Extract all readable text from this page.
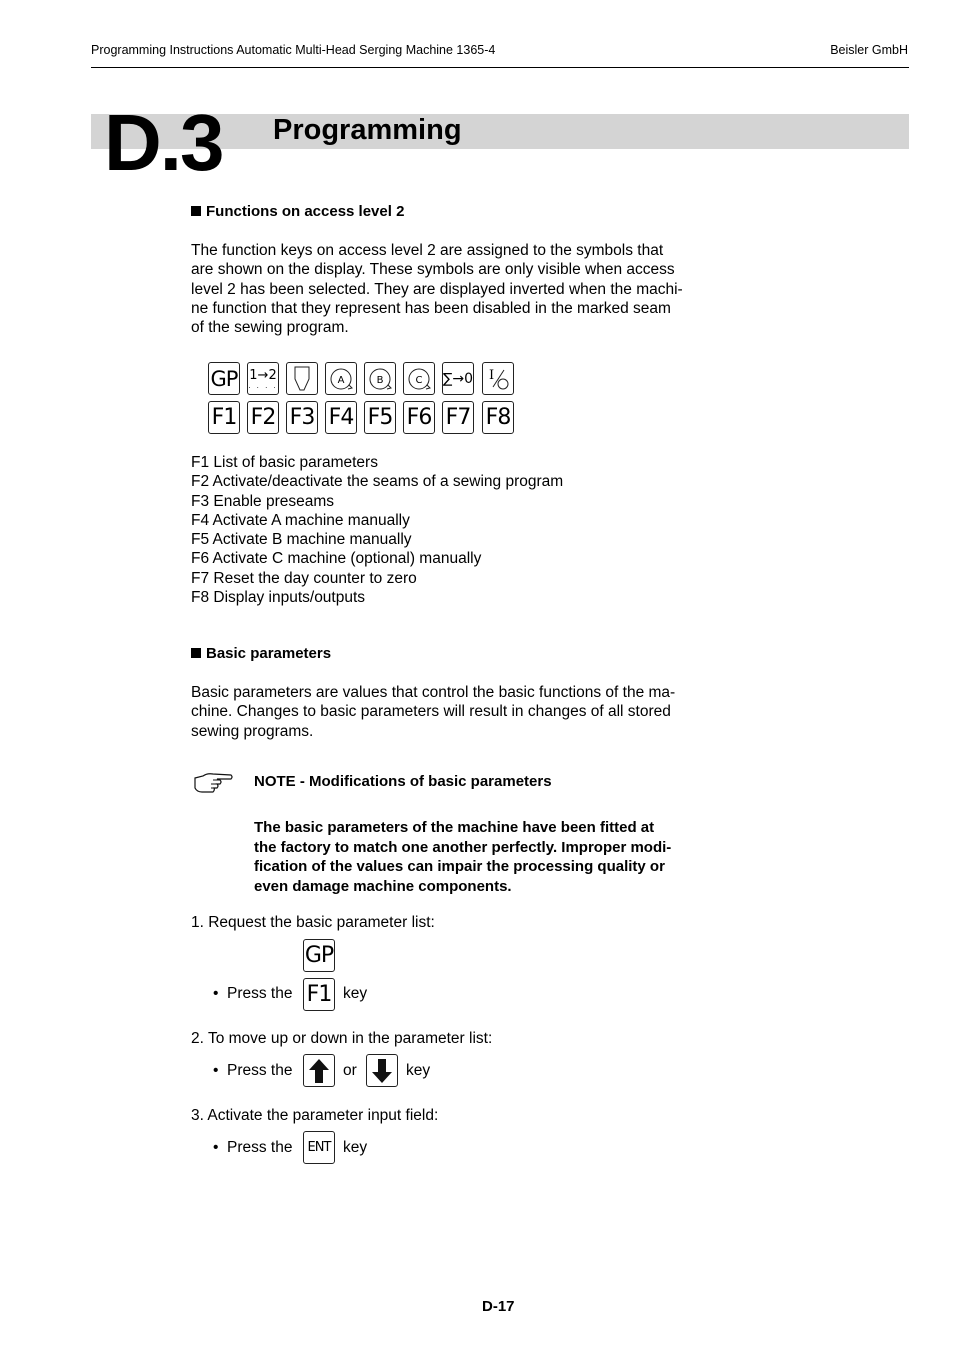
Programming Instructions Automatic Multi-Head Serging Machine 1365-4	Beisler GmbH
D.3 Programming
Functions on access level 2
The function keys on access level 2 are assigned to the symbols that
are shown on the display. These symbols are only visible when access
level 2 has been selected. They are displayed inverted when the machi-
ne function that they represent has been disabled in the marked seam
of the sewing program.
GP 1→2
. . . .
A	B	C ∑→0 I
F1 F2 F3 F4 F5 F6 F7 F8
F1 List of basic parameters
F2 Activate/deactivate the seams of a sewing program
F3 Enable preseams
F4 Activate A machine manually
F5 Activate B machine manually
F6 Activate C machine (optional) manually
F7 Reset the day counter to zero
F8 Display inputs/outputs
Basic parameters
Basic parameters are values that control the basic functions of the ma-
chine. Changes to basic parameters will result in changes of all stored
sewing programs.
NOTE - Modifications of basic parameters
The basic parameters of the machine have been fitted at
the factory to match one another perfectly. Improper modi-
fication of the values can impair the processing quality or
even damage machine components.
1. Request the basic parameter list:
GP
• Press the F1 key
2. To move up or down in the parameter list:
• Press the	or	key
3. Activate the parameter input field:
• Press the ENT key
D-17
